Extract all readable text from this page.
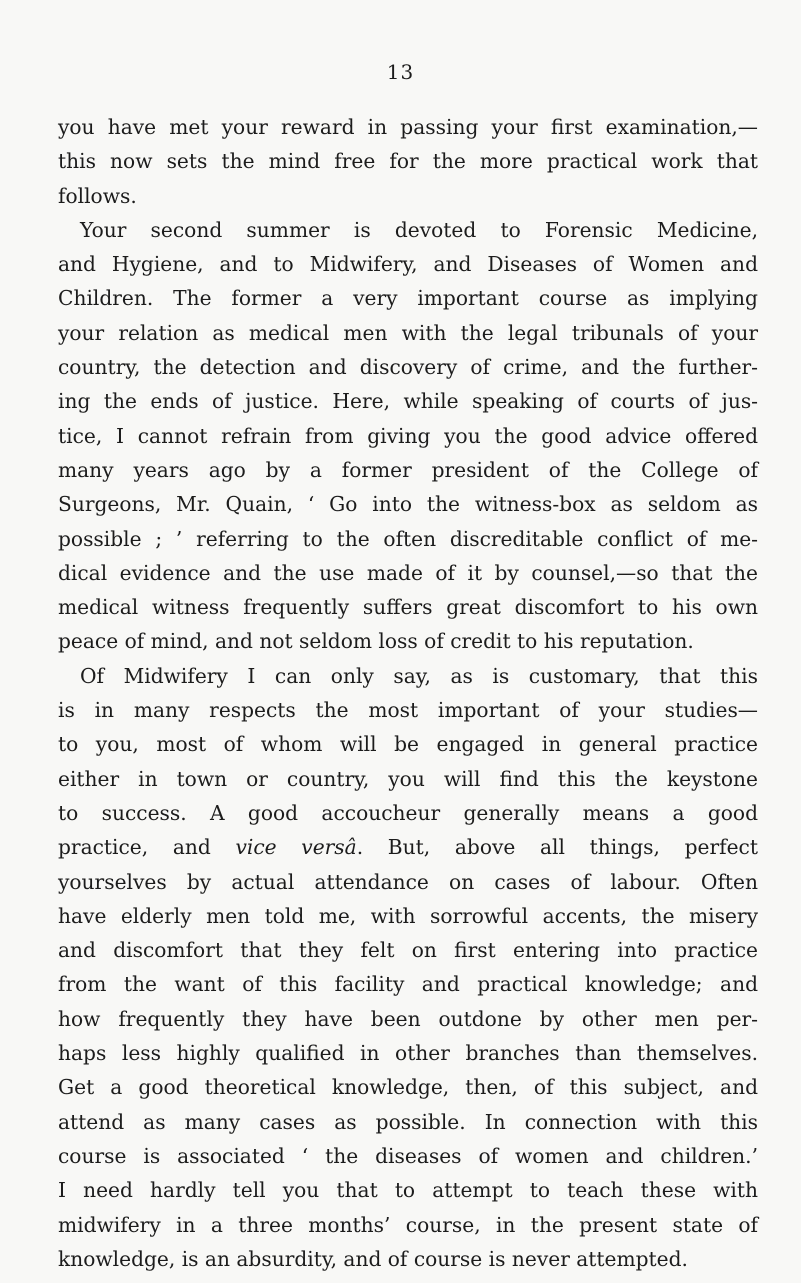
13
you have met your reward in passing your first examination,—
this now sets the mind free for the more practical work that
follows.
Your second summer is devoted to Forensic Medicine,
and Hygiene, and to Midwifery, and Diseases of Women and
Children. The former a very important course as implying
your relation as medical men with the legal tribunals of your
country, the detection and discovery of crime, and the further-
ing the ends of justice. Here, while speaking of courts of jus-
tice, I cannot refrain from giving you the good advice offered
many years ago by a former president of the College of
Surgeons, Mr. Quain, ‘ Go into the witness-box as seldom as
possible ; ’ referring to the often discreditable conflict of me-
dical evidence and the use made of it by counsel,—so that the
medical witness frequently suffers great discomfort to his own
peace of mind, and not seldom loss of credit to his reputation.
Of Midwifery I can only say, as is customary, that this
is in many respects the most important of your studies—
to you, most of whom will be engaged in general practice
either in town or country, you will find this the keystone
to success. A good accoucheur generally means a good
practice, and vice versâ. But, above all things, perfect
yourselves by actual attendance on cases of labour. Often
have elderly men told me, with sorrowful accents, the misery
and discomfort that they felt on first entering into practice
from the want of this facility and practical knowledge; and
how frequently they have been outdone by other men per-
haps less highly qualified in other branches than themselves.
Get a good theoretical knowledge, then, of this subject, and
attend as many cases as possible. In connection with this
course is associated ‘ the diseases of women and children.’
I need hardly tell you that to attempt to teach these with
midwifery in a three months’ course, in the present state of
knowledge, is an absurdity, and of course is never attempted.
